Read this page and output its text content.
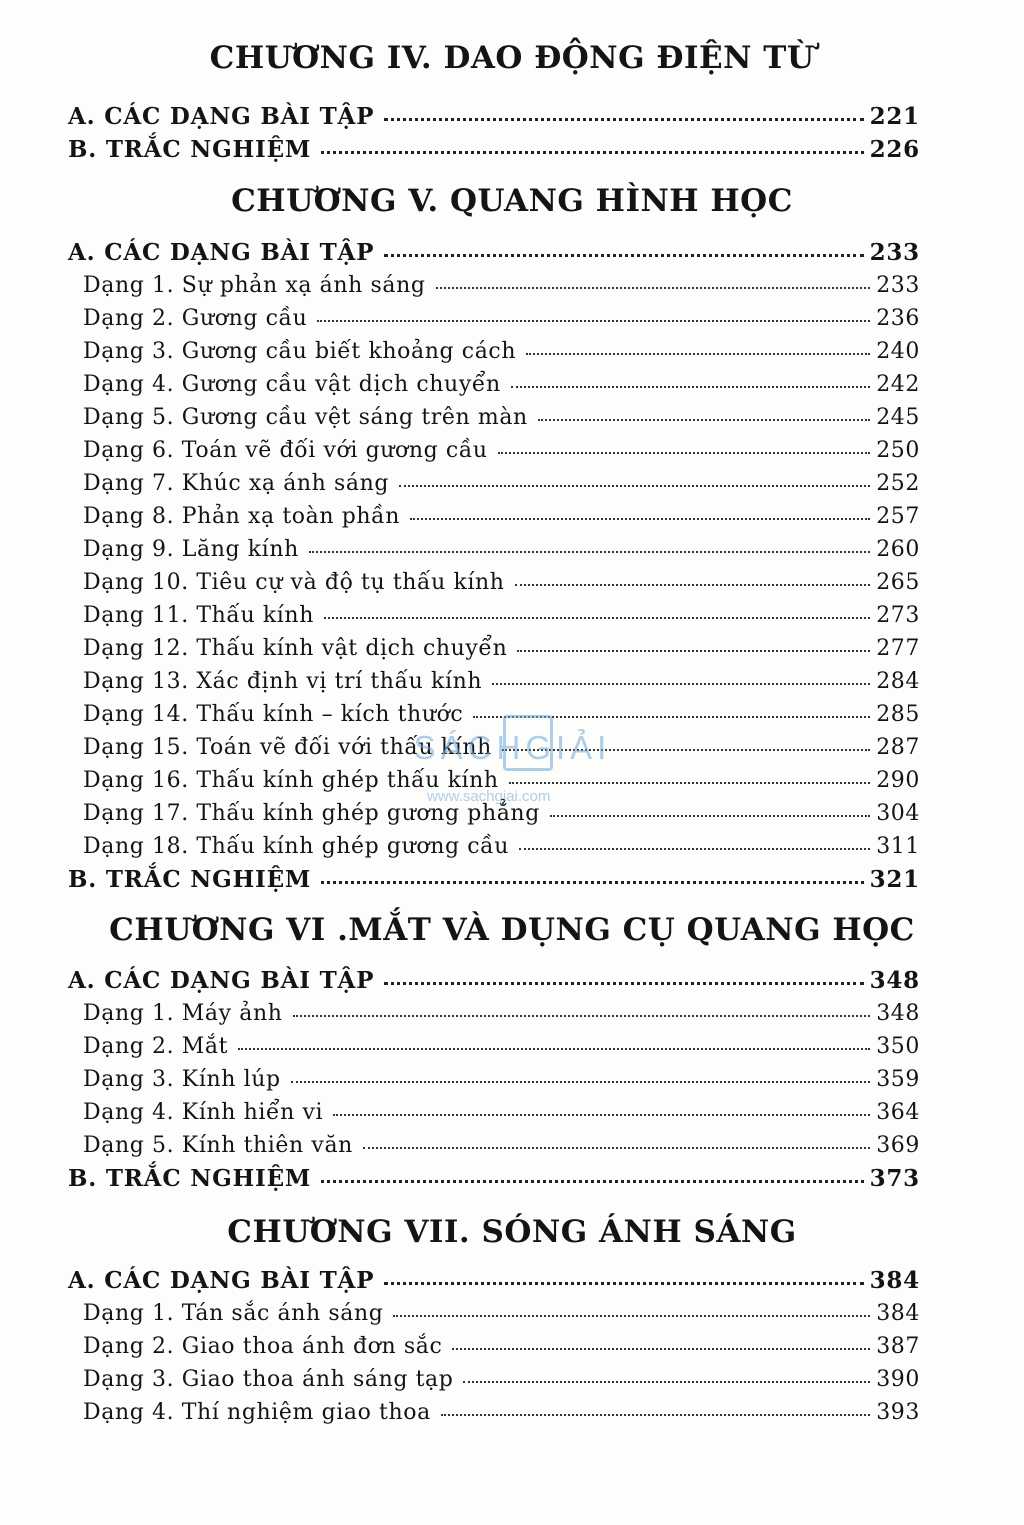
CHƯƠNG IV. DAO ĐỘNG ĐIỆN TỪ
A. CÁC DẠNG BÀI TẬP	221
B. TRẮC NGHIỆM	226
CHƯƠNG V. QUANG HÌNH HỌC
A. CÁC DẠNG BÀI TẬP	233
Dạng 1. Sự phản xạ ánh sáng	233
Dạng 2. Gương cầu	236
Dạng 3. Gương cầu biết khoảng cách	240
Dạng 4. Gương cầu vật dịch chuyển	242
Dạng 5. Gương cầu vệt sáng trên màn	245
Dạng 6. Toán vẽ đối với gương cầu	250
Dạng 7. Khúc xạ ánh sáng	252
Dạng 8. Phản xạ toàn phần	257
Dạng 9. Lăng kính	260
Dạng 10. Tiêu cự và độ tụ thấu kính	265
Dạng 11. Thấu kính	273
Dạng 12. Thấu kính vật dịch chuyển	277
Dạng 13. Xác định vị trí thấu kính	284
Dạng 14. Thấu kính – kích thước	285
Dạng 15. Toán vẽ đối với thấu kính	287
Dạng 16. Thấu kính ghép thấu kính	290
Dạng 17. Thấu kính ghép gương phẳng	304
Dạng 18. Thấu kính ghép gương cầu	311
B. TRẮC NGHIỆM	321
CHƯƠNG VI .MẮT VÀ DỤNG CỤ QUANG HỌC
A. CÁC DẠNG BÀI TẬP	348
Dạng 1. Máy ảnh	348
Dạng 2. Mắt	350
Dạng 3. Kính lúp	359
Dạng 4. Kính hiển vi	364
Dạng 5. Kính thiên văn	369
B. TRẮC NGHIỆM	373
CHƯƠNG VII. SÓNG ÁNH SÁNG
A. CÁC DẠNG BÀI TẬP	384
Dạng 1. Tán sắc ánh sáng	384
Dạng 2. Giao thoa ánh đơn sắc	387
Dạng 3. Giao thoa ánh sáng tạp	390
Dạng 4. Thí nghiệm giao thoa	393
SÁCHGIẢI
www.sachgiai.com
